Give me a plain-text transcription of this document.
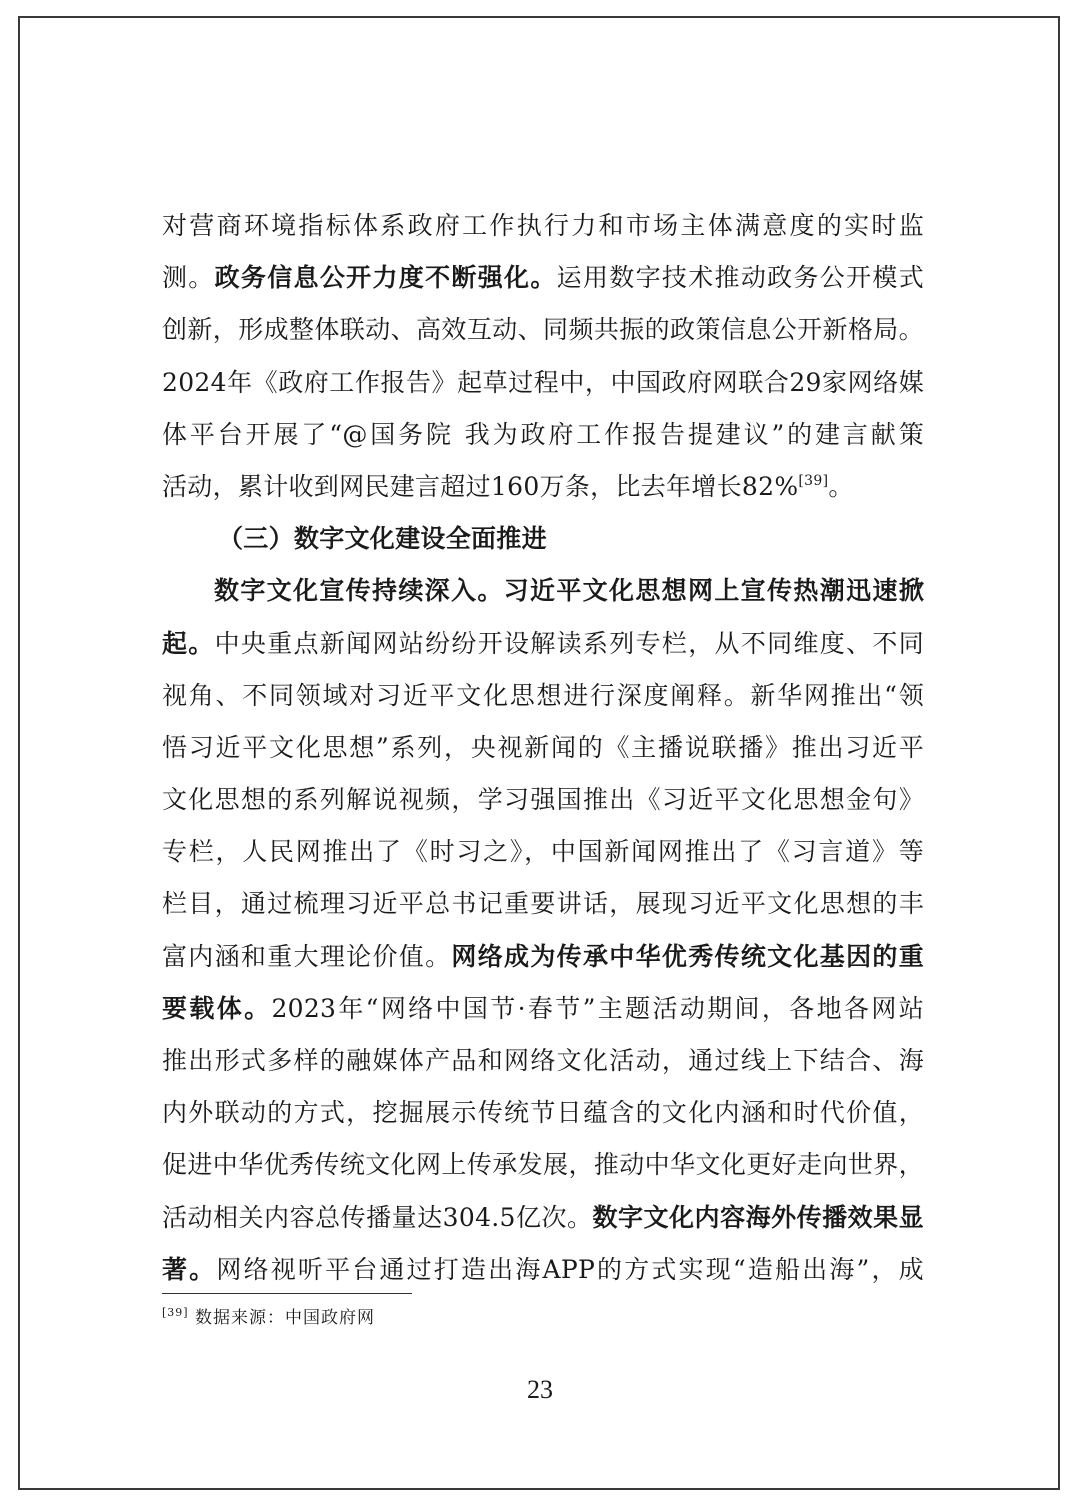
对营商环境指标体系政府工作执行力和市场主体满意度的实时监
测。政务信息公开力度不断强化。运用数字技术推动政务公开模式
创新，形成整体联动、高效互动、同频共振的政策信息公开新格局。
2024年《政府工作报告》起草过程中，中国政府网联合29家网络媒
体平台开展了“@国务院 我为政府工作报告提建议”的建言献策
活动，累计收到网民建言超过160万条，比去年增长82%[39]。
（三）数字文化建设全面推进
数字文化宣传持续深入。习近平文化思想网上宣传热潮迅速掀
起。中央重点新闻网站纷纷开设解读系列专栏，从不同维度、不同
视角、不同领域对习近平文化思想进行深度阐释。新华网推出“领
悟习近平文化思想”系列，央视新闻的《主播说联播》推出习近平
文化思想的系列解说视频，学习强国推出《习近平文化思想金句》
专栏，人民网推出了《时习之》，中国新闻网推出了《习言道》等
栏目，通过梳理习近平总书记重要讲话，展现习近平文化思想的丰
富内涵和重大理论价值。网络成为传承中华优秀传统文化基因的重
要载体。2023年“网络中国节·春节”主题活动期间，各地各网站
推出形式多样的融媒体产品和网络文化活动，通过线上下结合、海
内外联动的方式，挖掘展示传统节日蕴含的文化内涵和时代价值，
促进中华优秀传统文化网上传承发展，推动中华文化更好走向世界，
活动相关内容总传播量达304.5亿次。数字文化内容海外传播效果显
著。网络视听平台通过打造出海APP的方式实现“造船出海”，成
[39] 数据来源：中国政府网
23
